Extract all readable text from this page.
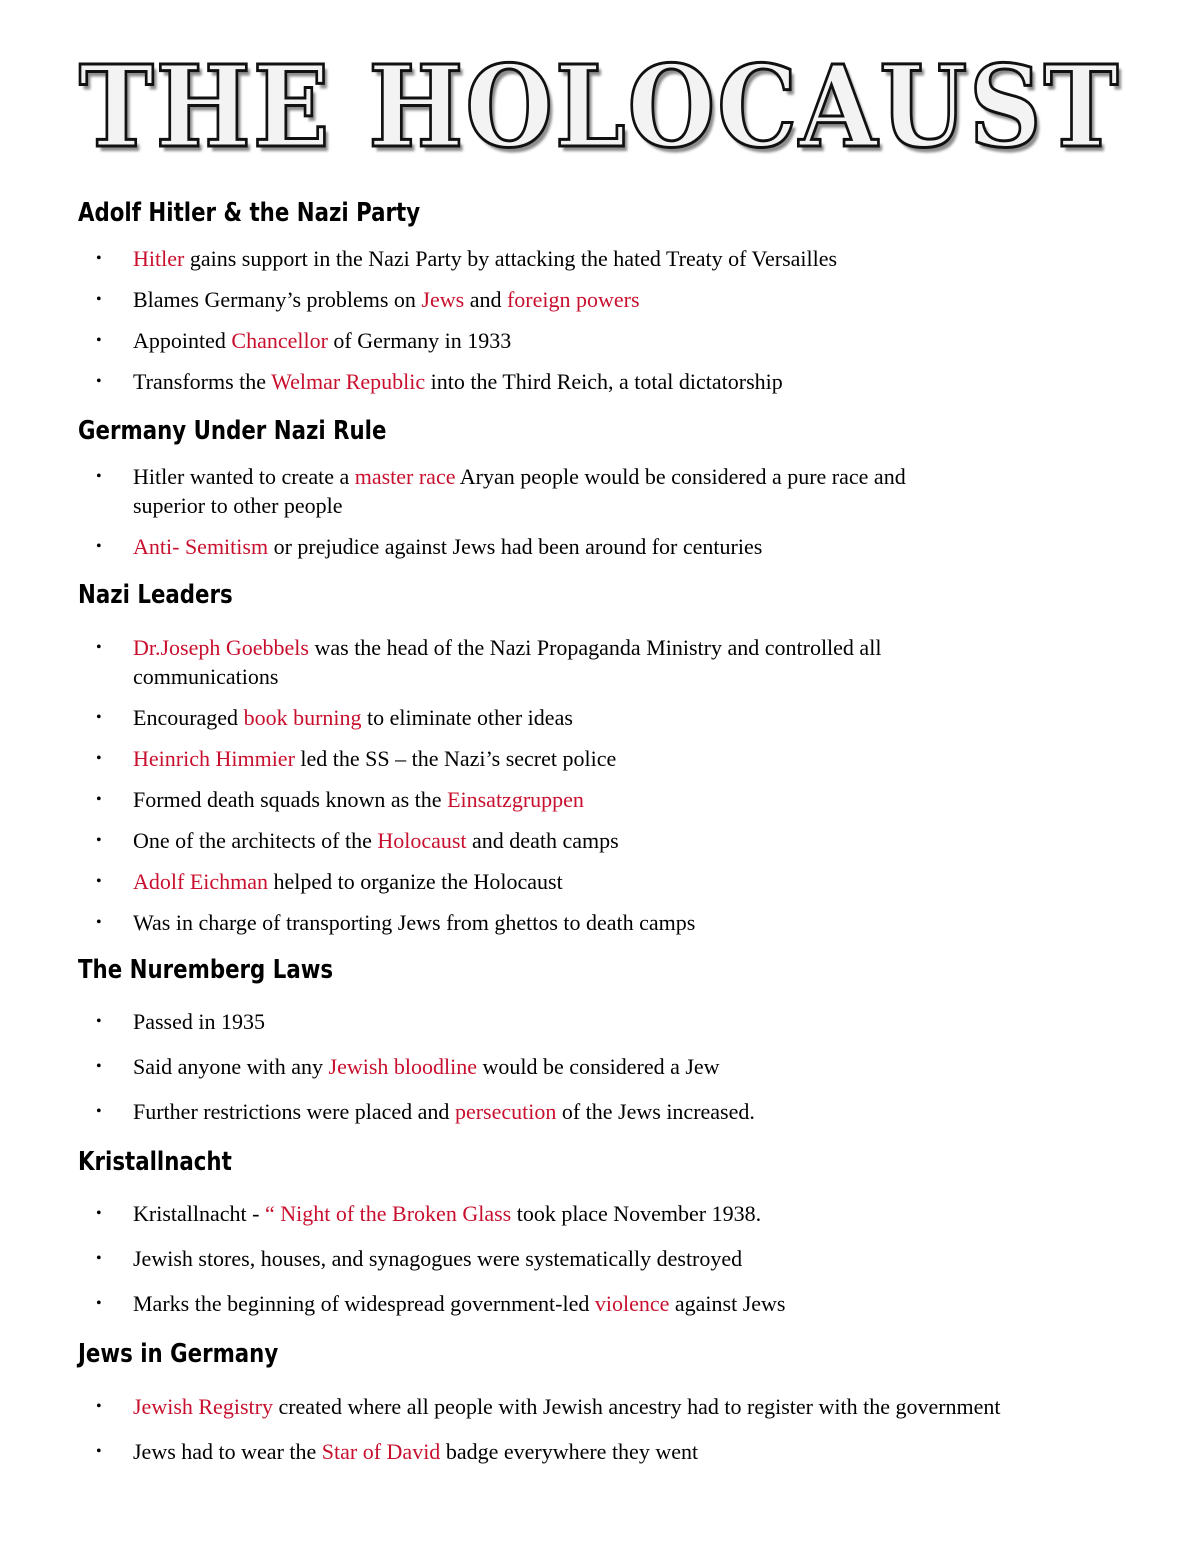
THE HOLOCAUST
Adolf Hitler & the Nazi Party
• Hitler gains support in the Nazi Party by attacking the hated Treaty of Versailles
• Blames Germany’s problems on Jews and foreign powers
• Appointed Chancellor of Germany in 1933
• Transforms the Welmar Republic into the Third Reich, a total dictatorship
Germany Under Nazi Rule
• Hitler wanted to create a master race Aryan people would be considered a pure race and superior to other people
• Anti- Semitism or prejudice against Jews had been around for centuries
Nazi Leaders
• Dr.Joseph Goebbels was the head of the Nazi Propaganda Ministry and controlled all communications
• Encouraged book burning to eliminate other ideas
• Heinrich Himmier led the SS – the Nazi’s secret police
• Formed death squads known as the Einsatzgruppen
• One of the architects of the Holocaust and death camps
• Adolf Eichman helped to organize the Holocaust
• Was in charge of transporting Jews from ghettos to death camps
The Nuremberg Laws
• Passed in 1935
• Said anyone with any Jewish bloodline would be considered a Jew
• Further restrictions were placed and persecution of the Jews increased.
Kristallnacht
• Kristallnacht - “ Night of the Broken Glass took place November 1938.
• Jewish stores, houses, and synagogues were systematically destroyed
• Marks the beginning of widespread government-led violence against Jews
Jews in Germany
• Jewish Registry created where all people with Jewish ancestry had to register with the government
• Jews had to wear the Star of David badge everywhere they went
